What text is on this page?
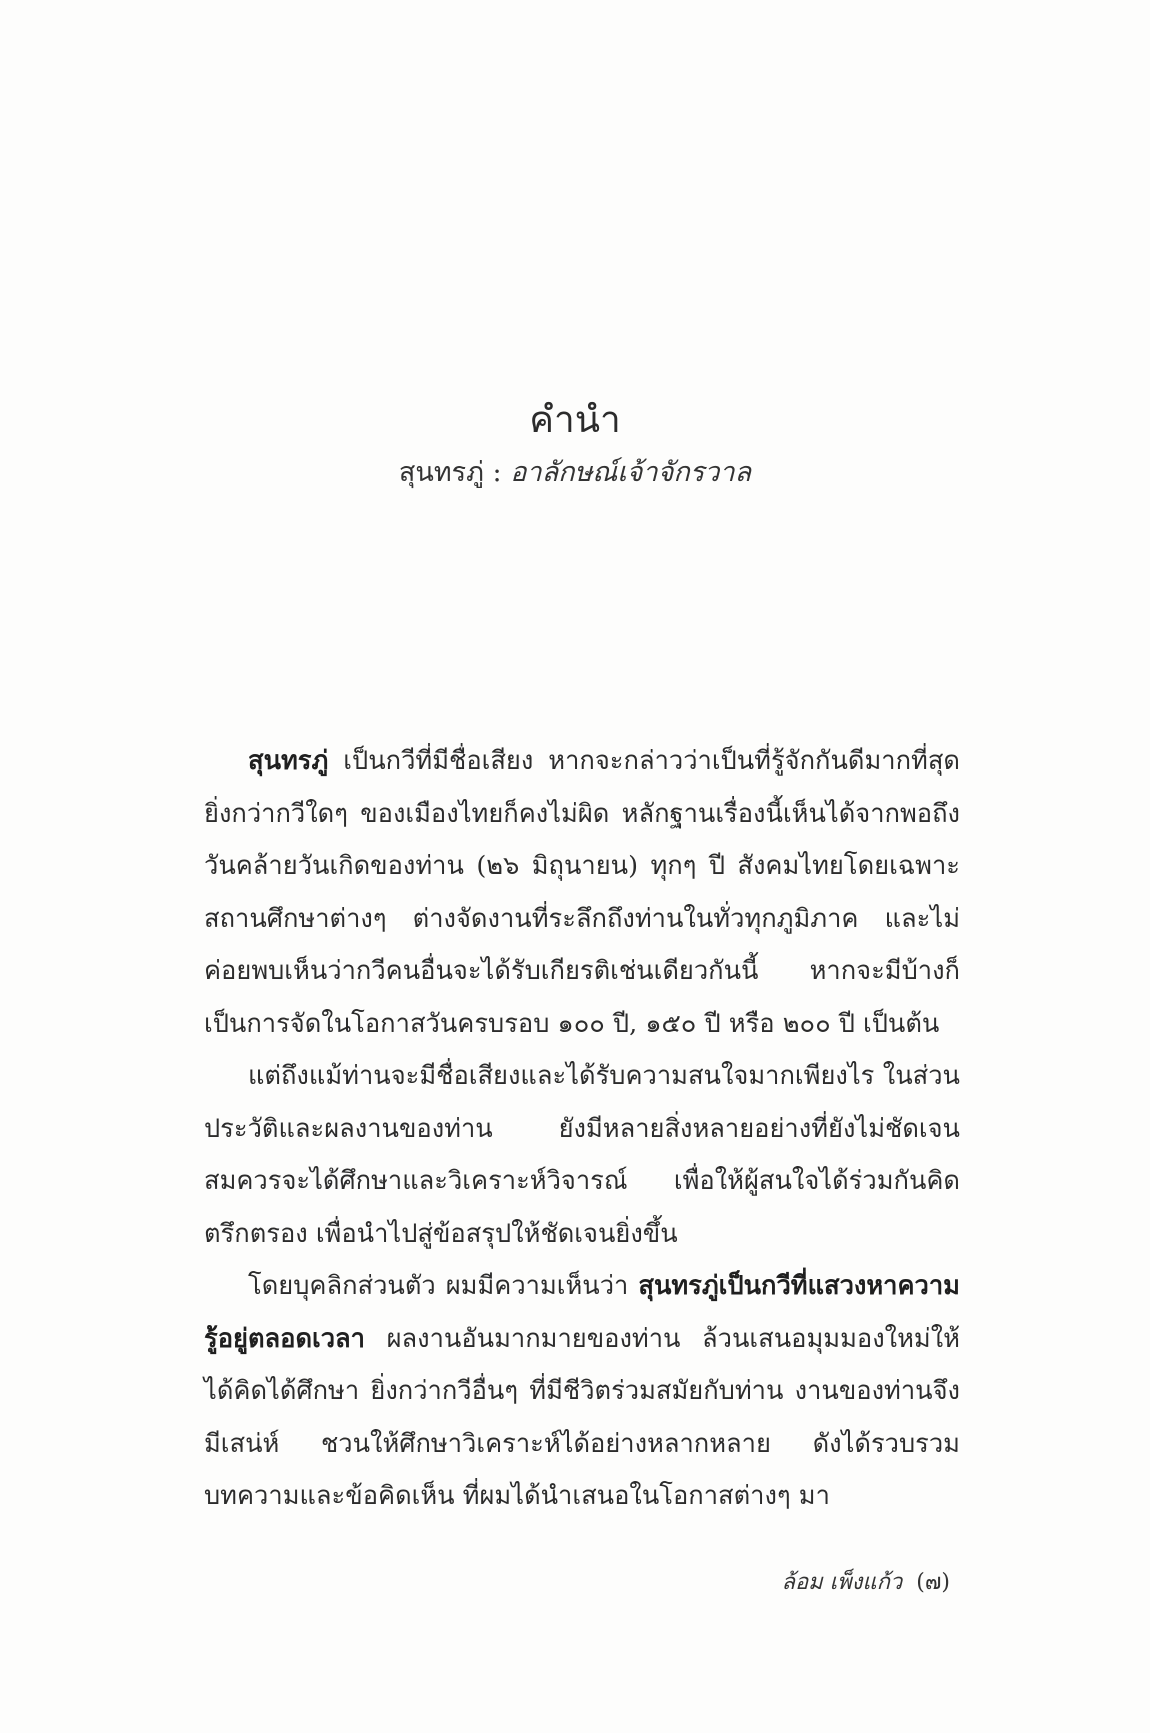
คำนำ
สุนทรภู่ : อาลักษณ์เจ้าจักรวาล

สุนทรภู่ เป็นกวีที่มีชื่อเสียง หากจะกล่าวว่าเป็นที่รู้จักกันดีมากที่สุดยิ่งกว่ากวีใดๆ ของเมืองไทยก็คงไม่ผิด หลักฐานเรื่องนี้เห็นได้จากพอถึงวันคล้ายวันเกิดของท่าน (๒๖ มิถุนายน) ทุกๆ ปี สังคมไทยโดยเฉพาะสถานศึกษาต่างๆ ต่างจัดงานที่ระลึกถึงท่านในทั่วทุกภูมิภาค และไม่ค่อยพบเห็นว่ากวีคนอื่นจะได้รับเกียรติเช่นเดียวกันนี้ หากจะมีบ้างก็เป็นการจัดในโอกาสวันครบรอบ ๑๐๐ ปี, ๑๕๐ ปี หรือ ๒๐๐ ปี เป็นต้น

แต่ถึงแม้ท่านจะมีชื่อเสียงและได้รับความสนใจมากเพียงไร ในส่วนประวัติและผลงานของท่าน ยังมีหลายสิ่งหลายอย่างที่ยังไม่ชัดเจน สมควรจะได้ศึกษาและวิเคราะห์วิจารณ์ เพื่อให้ผู้สนใจได้ร่วมกันคิด ตรึกตรอง เพื่อนำไปสู่ข้อสรุปให้ชัดเจนยิ่งขึ้น

โดยบุคลิกส่วนตัว ผมมีความเห็นว่า สุนทรภู่เป็นกวีที่แสวงหาความรู้อยู่ตลอดเวลา ผลงานอันมากมายของท่าน ล้วนเสนอมุมมองใหม่ให้ได้คิดได้ศึกษา ยิ่งกว่ากวีอื่นๆ ที่มีชีวิตร่วมสมัยกับท่าน งานของท่านจึงมีเสน่ห์ ชวนให้ศึกษาวิเคราะห์ได้อย่างหลากหลาย ดังได้รวบรวมบทความและข้อคิดเห็น ที่ผมได้นำเสนอในโอกาสต่างๆ มา

ล้อม เพ็งแก้ว (๗)
